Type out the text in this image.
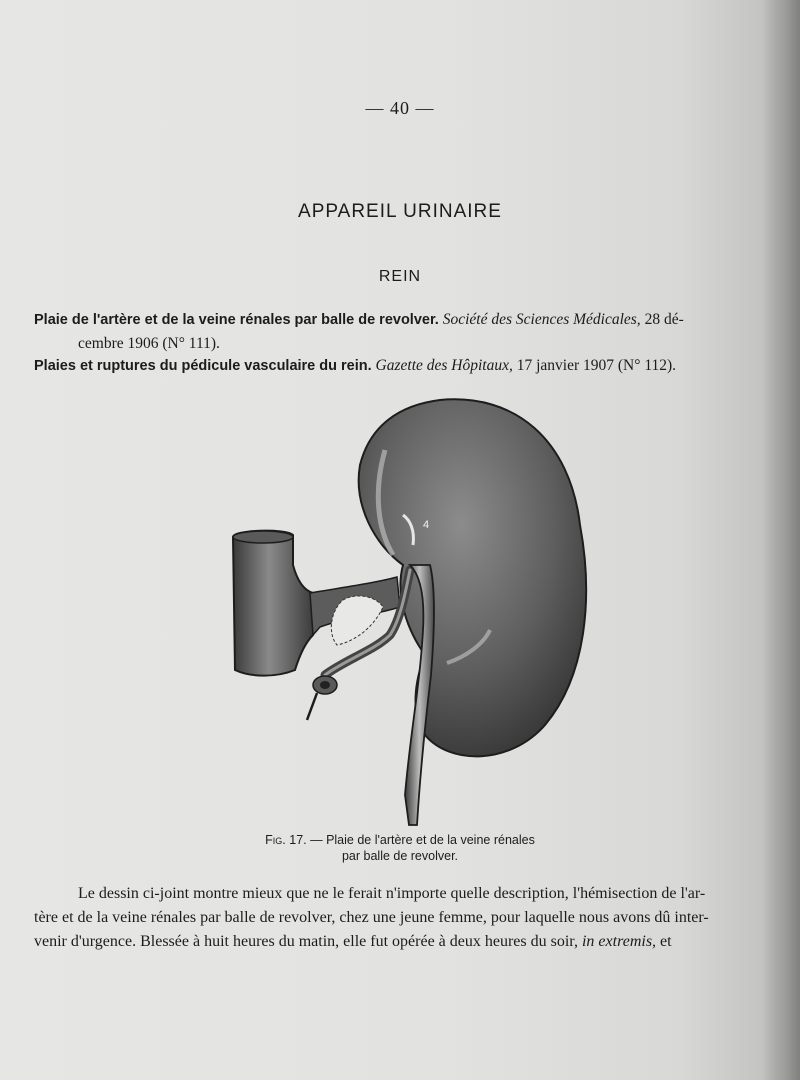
— 40 —
APPAREIL URINAIRE
REIN
Plaie de l'artère et de la veine rénales par balle de revolver. Société des Sciences Médicales, 28 dé-
cembre 1906 (N° 111).
Plaies et ruptures du pédicule vasculaire du rein. Gazette des Hôpitaux, 17 janvier 1907 (N° 112).
4
Fig. 17. — Plaie de l'artère et de la veine rénales
par balle de revolver.
Le dessin ci-joint montre mieux que ne le ferait n'importe quelle description, l'hémisection de l'ar-
tère et de la veine rénales par balle de revolver, chez une jeune femme, pour laquelle nous avons dû inter-
venir d'urgence. Blessée à huit heures du matin, elle fut opérée à deux heures du soir, in extremis, et
